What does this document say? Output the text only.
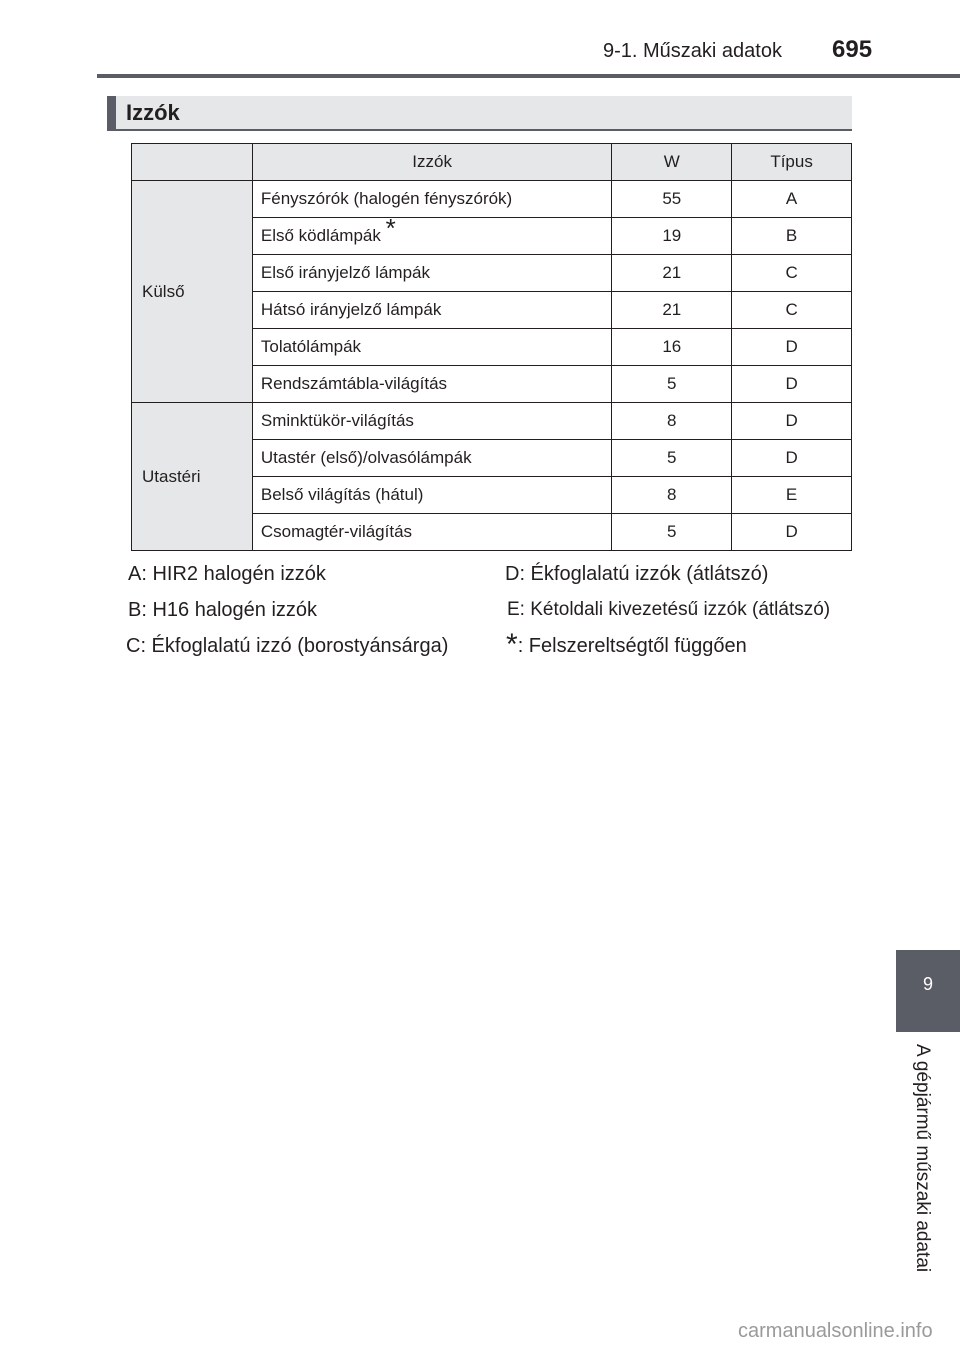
9-1. Műszaki adatok 695
Izzók
	Izzók	W	Típus
Külső	Fényszórók (halogén fényszórók)	55	A
	Első ködlámpák *	19	B
	Első irányjelző lámpák	21	C
	Hátsó irányjelző lámpák	21	C
	Tolatólámpák	16	D
	Rendszámtábla-világítás	5	D
Utastéri	Sminktükör-világítás	8	D
	Utastér (első)/olvasólámpák	5	D
	Belső világítás (hátul)	8	E
	Csomagtér-világítás	5	D
A: HIR2 halogén izzók
B: H16 halogén izzók
C: Ékfoglalatú izzó (borostyánsárga)
D: Ékfoglalatú izzók (átlátszó)
E: Kétoldali kivezetésű izzók (átlátszó)
*: Felszereltségtől függően
9
A gépjármű műszaki adatai
carmanualsonline.info
